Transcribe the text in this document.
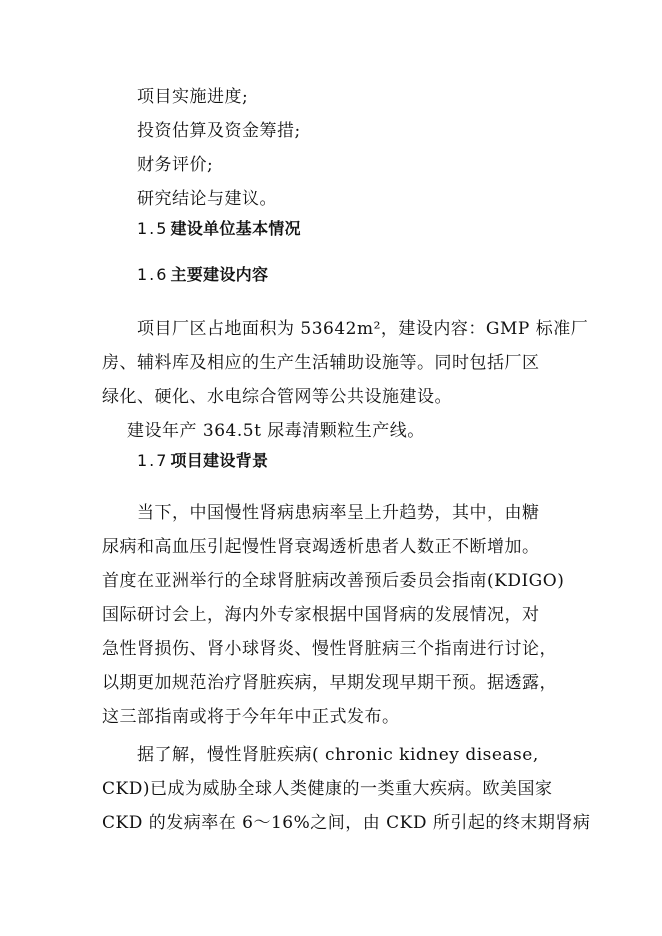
项目实施进度;
投资估算及资金筹措;
财务评价;
研究结论与建议。
1.5 建设单位基本情况
1.6 主要建设内容
项目厂区占地面积为 53642m²，建设内容：GMP 标准厂
房、辅料库及相应的生产生活辅助设施等。同时包括厂区
绿化、硬化、水电综合管网等公共设施建设。
建设年产 364.5t 尿毒清颗粒生产线。
1.7 项目建设背景
当下，中国慢性肾病患病率呈上升趋势，其中，由糖
尿病和高血压引起慢性肾衰竭透析患者人数正不断增加。
首度在亚洲举行的全球肾脏病改善预后委员会指南(KDIGO)
国际研讨会上，海内外专家根据中国肾病的发展情况，对
急性肾损伤、肾小球肾炎、慢性肾脏病三个指南进行讨论，
以期更加规范治疗肾脏疾病，早期发现早期干预。据透露，
这三部指南或将于今年年中正式发布。
据了解，慢性肾脏疾病( chronic kidney disease,
CKD)已成为威胁全球人类健康的一类重大疾病。欧美国家
CKD 的发病率在 6～16%之间，由 CKD 所引起的终末期肾病
